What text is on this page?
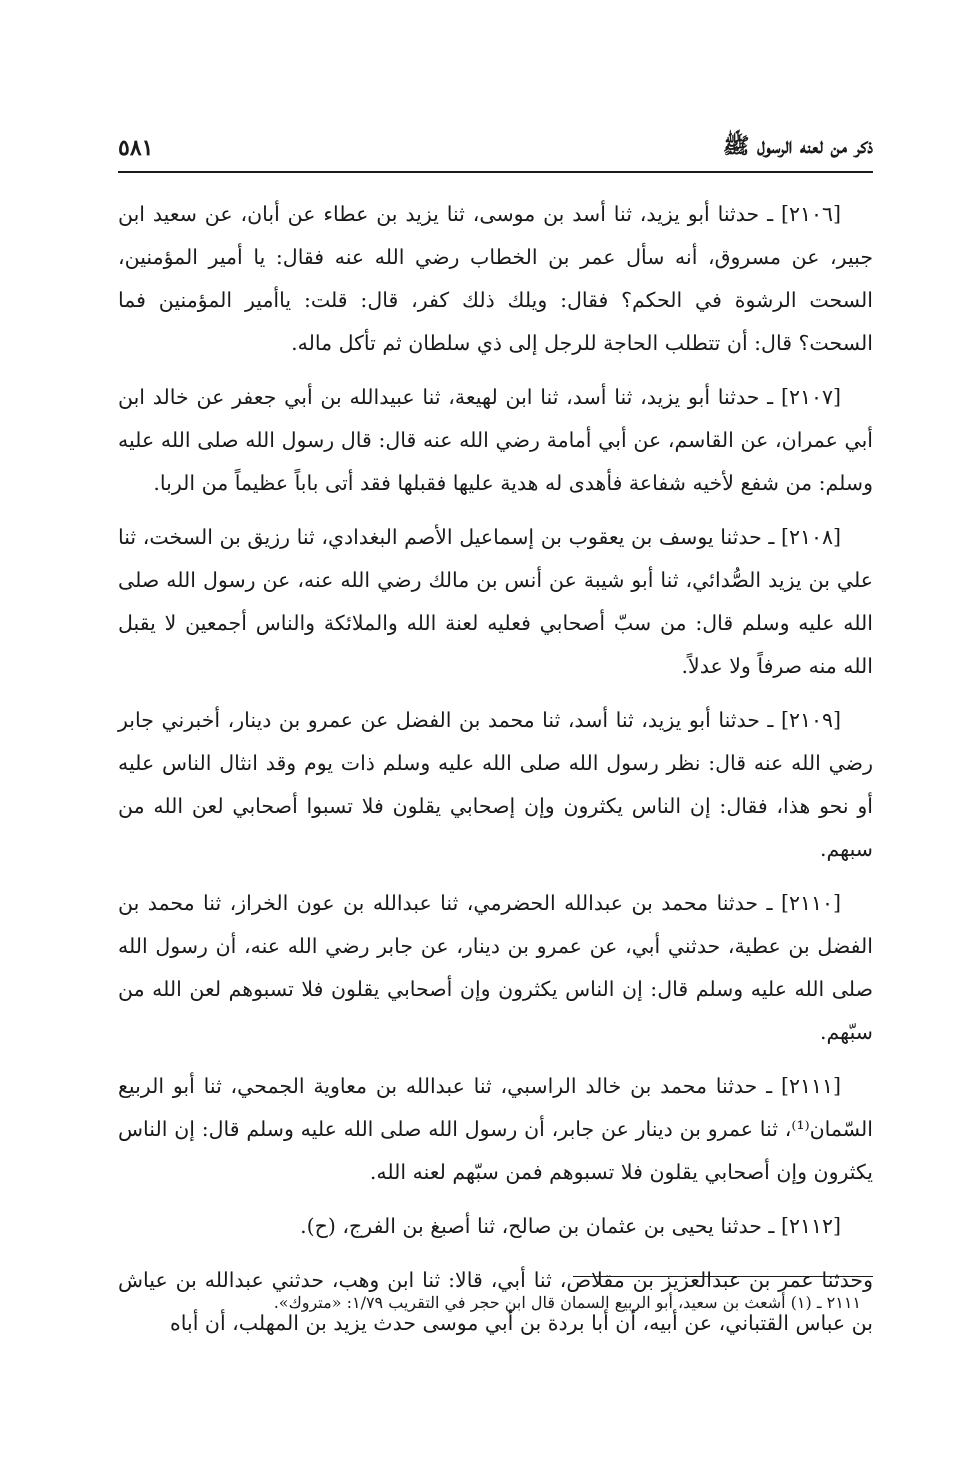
ذكر من لعنه الرسول ﷺ
٥٨١

[٢١٠٦] ـ حدثنا أبو يزيد، ثنا أسد بن موسى، ثنا يزيد بن عطاء عن أبان، عن سعيد ابن جبير، عن مسروق، أنه سأل عمر بن الخطاب رضي الله عنه فقال: يا أمير المؤمنين، السحت الرشوة في الحكم؟ فقال: ويلك ذلك كفر، قال: قلت: ياأمير المؤمنين فما السحت؟ قال: أن تتطلب الحاجة للرجل إلى ذي سلطان ثم تأكل ماله.

[٢١٠٧] ـ حدثنا أبو يزيد، ثنا أسد، ثنا ابن لهيعة، ثنا عبيدالله بن أبي جعفر عن خالد ابن أبي عمران، عن القاسم، عن أبي أمامة رضي الله عنه قال: قال رسول الله صلى الله عليه وسلم: من شفع لأخيه شفاعة فأهدى له هدية عليها فقبلها فقد أتى باباً عظيماً من الربا.

[٢١٠٨] ـ حدثنا يوسف بن يعقوب بن إسماعيل الأصم البغدادي، ثنا رزيق بن السخت، ثنا علي بن يزيد الصُّدائي، ثنا أبو شيبة عن أنس بن مالك رضي الله عنه، عن رسول الله صلى الله عليه وسلم قال: من سبّ أصحابي فعليه لعنة الله والملائكة والناس أجمعين لا يقبل الله منه صرفاً ولا عدلاً.

[٢١٠٩] ـ حدثنا أبو يزيد، ثنا أسد، ثنا محمد بن الفضل عن عمرو بن دينار، أخبرني جابر رضي الله عنه قال: نظر رسول الله صلى الله عليه وسلم ذات يوم وقد انثال الناس عليه أو نحو هذا، فقال: إن الناس يكثرون وإن إصحابي يقلون فلا تسبوا أصحابي لعن الله من سبهم.

[٢١١٠] ـ حدثنا محمد بن عبدالله الحضرمي، ثنا عبدالله بن عون الخراز، ثنا محمد بن الفضل بن عطية، حدثني أبي، عن عمرو بن دينار، عن جابر رضي الله عنه، أن رسول الله صلى الله عليه وسلم قال: إن الناس يكثرون وإن أصحابي يقلون فلا تسبوهم لعن الله من سبّهم.

[٢١١١] ـ حدثنا محمد بن خالد الراسبي، ثنا عبدالله بن معاوية الجمحي، ثنا أبو الربيع السّمان⁽¹⁾، ثنا عمرو بن دينار عن جابر، أن رسول الله صلى الله عليه وسلم قال: إن الناس يكثرون وإن أصحابي يقلون فلا تسبوهم فمن سبّهم لعنه الله.

[٢١١٢] ـ حدثنا يحيى بن عثمان بن صالح، ثنا أصبغ بن الفرج، (ح).

وحدثنا عمر بن عبدالعزيز بن مقلاص، ثنا أبي، قالا: ثنا ابن وهب، حدثني عبدالله بن عياش بن عباس القتباني، عن أبيه، أن أبا بردة بن أبي موسى حدث يزيد بن المهلب، أن أباه

٢١١١ ـ (١) أشعث بن سعيد، أبو الربيع السمان قال ابن حجر في التقريب ١/٧٩: «متروك».
